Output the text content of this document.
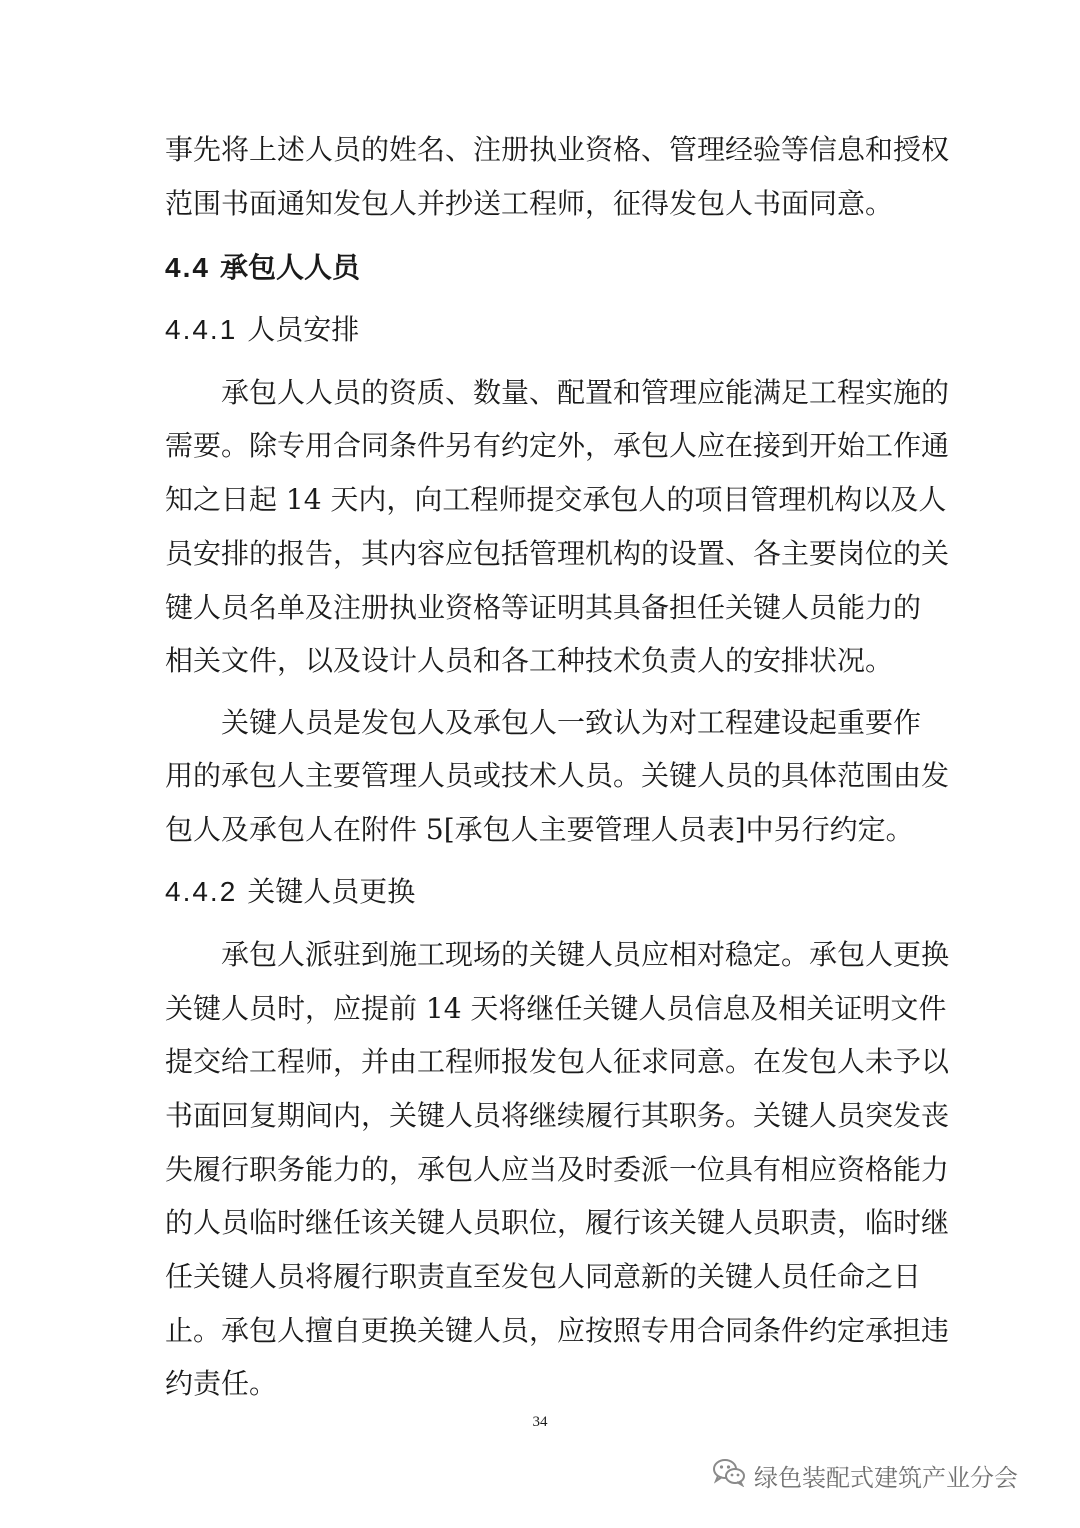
事先将上述人员的姓名、注册执业资格、管理经验等信息和授权
范围书面通知发包人并抄送工程师，征得发包人书面同意。
4.4 承包人人员
4.4.1 人员安排
承包人人员的资质、数量、配置和管理应能满足工程实施的
需要。除专用合同条件另有约定外，承包人应在接到开始工作通
知之日起 14 天内，向工程师提交承包人的项目管理机构以及人
员安排的报告，其内容应包括管理机构的设置、各主要岗位的关
键人员名单及注册执业资格等证明其具备担任关键人员能力的
相关文件，以及设计人员和各工种技术负责人的安排状况。
关键人员是发包人及承包人一致认为对工程建设起重要作
用的承包人主要管理人员或技术人员。关键人员的具体范围由发
包人及承包人在附件 5[承包人主要管理人员表]中另行约定。
4.4.2 关键人员更换
承包人派驻到施工现场的关键人员应相对稳定。承包人更换
关键人员时，应提前 14 天将继任关键人员信息及相关证明文件
提交给工程师，并由工程师报发包人征求同意。在发包人未予以
书面回复期间内，关键人员将继续履行其职务。关键人员突发丧
失履行职务能力的，承包人应当及时委派一位具有相应资格能力
的人员临时继任该关键人员职位，履行该关键人员职责，临时继
任关键人员将履行职责直至发包人同意新的关键人员任命之日
止。承包人擅自更换关键人员，应按照专用合同条件约定承担违
约责任。
34
绿色装配式建筑产业分会
